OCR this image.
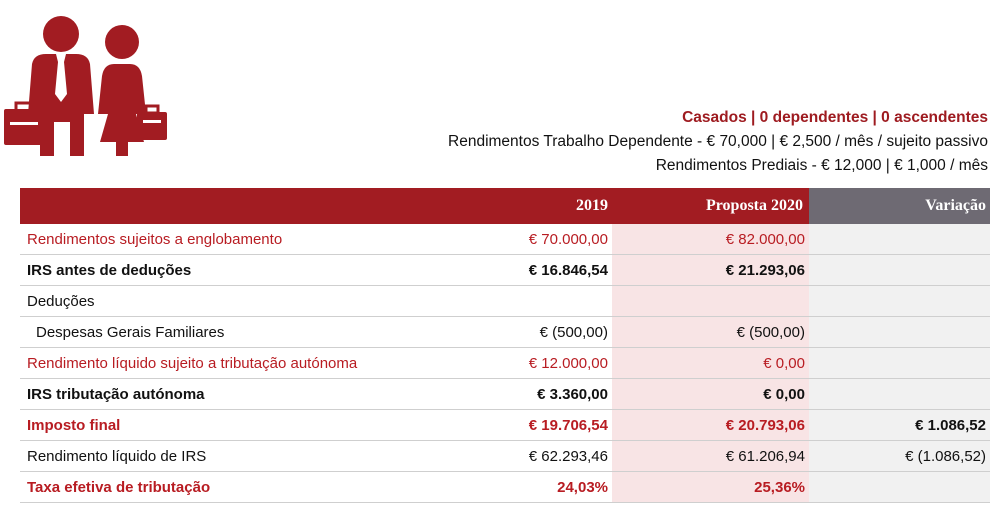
Casados | 0 dependentes | 0 ascendentes
Rendimentos Trabalho Dependente - € 70,000 | € 2,500 / mês / sujeito passivo
Rendimentos Prediais - € 12,000 | € 1,000 / mês
	2019	Proposta 2020	Variação
Rendimentos sujeitos a englobamento	€ 70.000,00	€ 82.000,00	
IRS antes de deduções	€ 16.846,54	€ 21.293,06	
Deduções			
Despesas Gerais Familiares	€ (500,00)	€ (500,00)	
Rendimento líquido sujeito a tributação autónoma	€ 12.000,00	€ 0,00	
IRS tributação autónoma	€ 3.360,00	€ 0,00	
Imposto final	€ 19.706,54	€ 20.793,06	€ 1.086,52
Rendimento líquido de IRS	€ 62.293,46	€ 61.206,94	€ (1.086,52)
Taxa efetiva de tributação	24,03%	25,36%	
